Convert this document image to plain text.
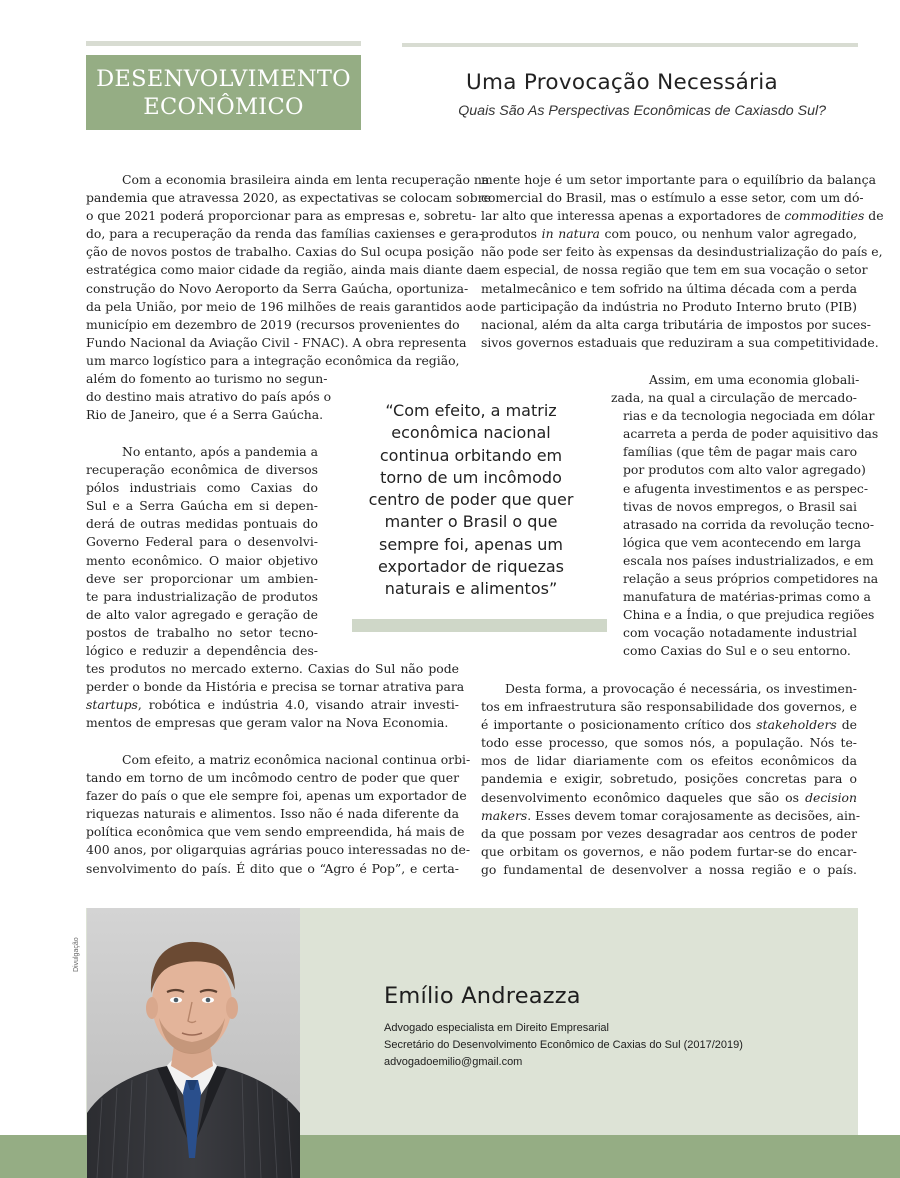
DESENVOLVIMENTO
ECONÔMICO
Uma Provocação Necessária
Quais São As Perspectivas Econômicas de Caxiasdo Sul?
Com a economia brasileira ainda em lenta recuperação na
pandemia que atravessa 2020, as expectativas se colocam sobre
o que 2021 poderá proporcionar para as empresas e, sobretu-
do, para a recuperação da renda das famílias caxienses e gera-
ção de novos postos de trabalho. Caxias do Sul ocupa posição
estratégica como maior cidade da região, ainda mais diante da
construção do Novo Aeroporto da Serra Gaúcha, oportuniza-
da pela União, por meio de 196 milhões de reais garantidos ao
município em dezembro de 2019 (recursos provenientes do
Fundo Nacional da Aviação Civil - FNAC). A obra representa
um marco logístico para a integração econômica da região,
além do fomento ao turismo no segun-
do destino mais atrativo do país após o
Rio de Janeiro, que é a Serra Gaúcha.
No entanto, após a pandemia a
recuperação econômica de diversos
pólos industriais como Caxias do
Sul e a Serra Gaúcha em si depen-
derá de outras medidas pontuais do
Governo Federal para o desenvolvi-
mento econômico. O maior objetivo
deve ser proporcionar um ambien-
te para industrialização de produtos
de alto valor agregado e geração de
postos de trabalho no setor tecno-
lógico e reduzir a dependência des-
tes produtos no mercado externo. Caxias do Sul não pode
perder o bonde da História e precisa se tornar atrativa para
startups, robótica e indústria 4.0, visando atrair investi-
mentos de empresas que geram valor na Nova Economia.
Com efeito, a matriz econômica nacional continua orbi-
tando em torno de um incômodo centro de poder que quer
fazer do país o que ele sempre foi, apenas um exportador de
riquezas naturais e alimentos. Isso não é nada diferente da
política econômica que vem sendo empreendida, há mais de
400 anos, por oligarquias agrárias pouco interessadas no de-
senvolvimento do país. É dito que o “Agro é Pop”, e certa-
mente hoje é um setor importante para o equilíbrio da balança
comercial do Brasil, mas o estímulo a esse setor, com um dó-
lar alto que interessa apenas a exportadores de commodities de
produtos in natura com pouco, ou nenhum valor agregado,
não pode ser feito às expensas da desindustrialização do país e,
em especial, de nossa região que tem em sua vocação o setor
metalmecânico e tem sofrido na última década com a perda
de participação da indústria no Produto Interno bruto (PIB)
nacional, além da alta carga tributária de impostos por suces-
sivos governos estaduais que reduziram a sua competitividade.
Assim, em uma economia globali-
zada, na qual a circulação de mercado-
rias e da tecnologia negociada em dólar
acarreta a perda de poder aquisitivo das
famílias (que têm de pagar mais caro
por produtos com alto valor agregado)
e afugenta investimentos e as perspec-
tivas de novos empregos, o Brasil sai
atrasado na corrida da revolução tecno-
lógica que vem acontecendo em larga
escala nos países industrializados, e em
relação a seus próprios competidores na
manufatura de matérias-primas como a
China e a Índia, o que prejudica regiões
com vocação notadamente industrial
como Caxias do Sul e o seu entorno.
Desta forma, a provocação é necessária, os investimen-
tos em infraestrutura são responsabilidade dos governos, e
é importante o posicionamento crítico dos stakeholders de
todo esse processo, que somos nós, a população. Nós te-
mos de lidar diariamente com os efeitos econômicos da
pandemia e exigir, sobretudo, posições concretas para o
desenvolvimento econômico daqueles que são os decision
makers. Esses devem tomar corajosamente as decisões, ain-
da que possam por vezes desagradar aos centros de poder
que orbitam os governos, e não podem furtar-se do encar-
go fundamental de desenvolver a nossa região e o país.
“Com efeito, a matriz
econômica nacional
continua orbitando em
torno de um incômodo
centro de poder que quer
manter o Brasil o que
sempre foi, apenas um
exportador de riquezas
naturais e alimentos”
Divulgação
Emílio Andreazza
Advogado especialista em Direito Empresarial
Secretário do Desenvolvimento Econômico de Caxias do Sul (2017/2019)
advogadoemilio@gmail.com
